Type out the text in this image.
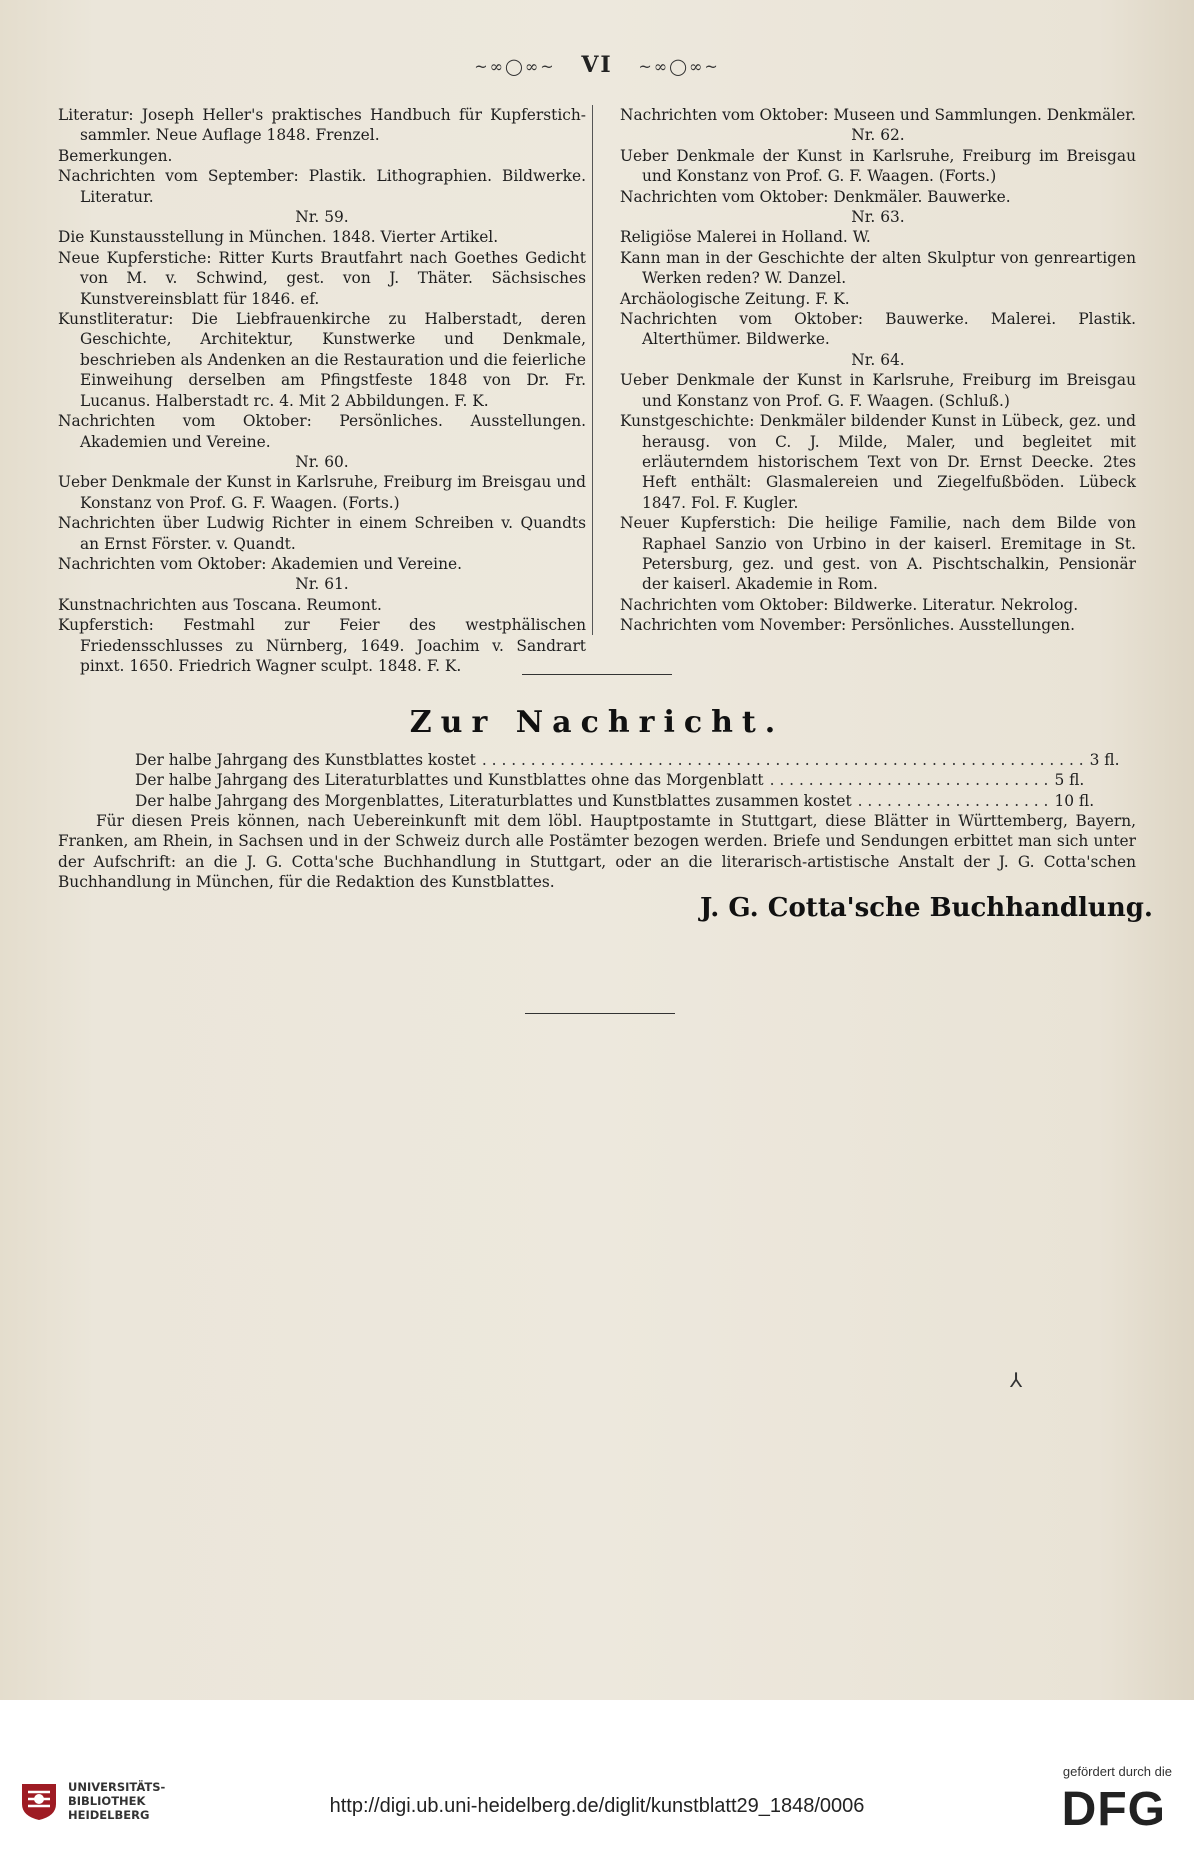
~∞◯∞~ VI ~∞◯∞~
Literatur: Joseph Heller's praktisches Handbuch für Kupferstich-sammler. Neue Auflage 1848. Frenzel.
Bemerkungen.
Nachrichten vom September: Plastik. Lithographien. Bildwerke. Literatur.
Nr. 59.
Die Kunstausstellung in München. 1848. Vierter Artikel.
Neue Kupferstiche: Ritter Kurts Brautfahrt nach Goethes Gedicht von M. v. Schwind, gest. von J. Thäter. Sächsisches Kunstvereinsblatt für 1846. ef.
Kunstliteratur: Die Liebfrauenkirche zu Halberstadt, deren Geschichte, Architektur, Kunstwerke und Denkmale, beschrieben als Andenken an die Restauration und die feierliche Einweihung derselben am Pfingstfeste 1848 von Dr. Fr. Lucanus. Halberstadt rc. 4. Mit 2 Abbildungen. F. K.
Nachrichten vom Oktober: Persönliches. Ausstellungen. Akademien und Vereine.
Nr. 60.
Ueber Denkmale der Kunst in Karlsruhe, Freiburg im Breisgau und Konstanz von Prof. G. F. Waagen. (Forts.)
Nachrichten über Ludwig Richter in einem Schreiben v. Quandts an Ernst Förster. v. Quandt.
Nachrichten vom Oktober: Akademien und Vereine.
Nr. 61.
Kunstnachrichten aus Toscana. Reumont.
Kupferstich: Festmahl zur Feier des westphälischen Friedensschlusses zu Nürnberg, 1649. Joachim v. Sandrart pinxt. 1650. Friedrich Wagner sculpt. 1848. F. K.
Nachrichten vom Oktober: Museen und Sammlungen. Denkmäler.
Nr. 62.
Ueber Denkmale der Kunst in Karlsruhe, Freiburg im Breisgau und Konstanz von Prof. G. F. Waagen. (Forts.)
Nachrichten vom Oktober: Denkmäler. Bauwerke.
Nr. 63.
Religiöse Malerei in Holland. W.
Kann man in der Geschichte der alten Skulptur von genreartigen Werken reden? W. Danzel.
Archäologische Zeitung. F. K.
Nachrichten vom Oktober: Bauwerke. Malerei. Plastik. Alterthümer. Bildwerke.
Nr. 64.
Ueber Denkmale der Kunst in Karlsruhe, Freiburg im Breisgau und Konstanz von Prof. G. F. Waagen. (Schluß.)
Kunstgeschichte: Denkmäler bildender Kunst in Lübeck, gez. und herausg. von C. J. Milde, Maler, und begleitet mit erläuterndem historischem Text von Dr. Ernst Deecke. 2tes Heft enthält: Glasmalereien und Ziegelfußböden. Lübeck 1847. Fol. F. Kugler.
Neuer Kupferstich: Die heilige Familie, nach dem Bilde von Raphael Sanzio von Urbino in der kaiserl. Eremitage in St. Petersburg, gez. und gest. von A. Pischtschalkin, Pensionär der kaiserl. Akademie in Rom.
Nachrichten vom Oktober: Bildwerke. Literatur. Nekrolog.
Nachrichten vom November: Persönliches. Ausstellungen.
Zur Nachricht.
Der halbe Jahrgang des Kunstblattes kostet . . . . . . . . . . . . . . . . . . . . . . . . . . . . . . . . . . . . . . . . . . . . . . . . . . . . . . . . . . . . . . 3 fl.
Der halbe Jahrgang des Literaturblattes und Kunstblattes ohne das Morgenblatt . . . . . . . . . . . . . . . . . . . . . . . . . . . . . 5 fl.
Der halbe Jahrgang des Morgenblattes, Literaturblattes und Kunstblattes zusammen kostet . . . . . . . . . . . . . . . . . . . . 10 fl.
Für diesen Preis können, nach Uebereinkunft mit dem löbl. Hauptpostamte in Stuttgart, diese Blätter in Württemberg, Bayern, Franken, am Rhein, in Sachsen und in der Schweiz durch alle Postämter bezogen werden. Briefe und Sendungen erbittet man sich unter der Aufschrift: an die J. G. Cotta'sche Buchhandlung in Stuttgart, oder an die literarisch-artistische Anstalt der J. G. Cotta'schen Buchhandlung in München, für die Redaktion des Kunstblattes.
J. G. Cotta'sche Buchhandlung.
⅄
UNIVERSITÄTS-
BIBLIOTHEK
HEIDELBERG	http://digi.ub.uni-heidelberg.de/diglit/kunstblatt29_1848/0006
gefördert durch die
DFG
